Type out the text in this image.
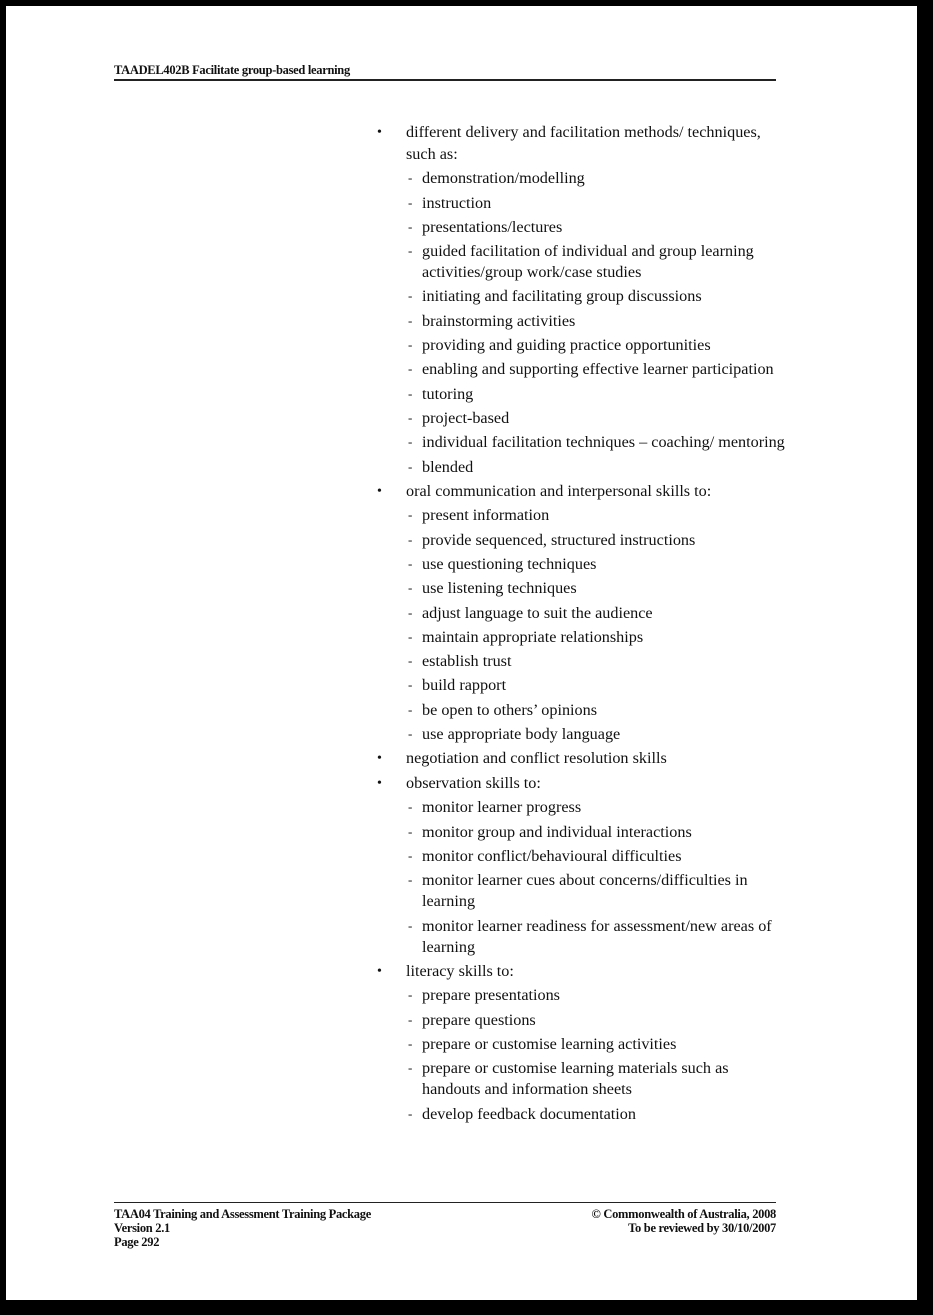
TAADEL402B Facilitate group-based learning
• different delivery and facilitation methods/ techniques, such as:
- demonstration/modelling
- instruction
- presentations/lectures
- guided facilitation of individual and group learning activities/group work/case studies
- initiating and facilitating group discussions
- brainstorming activities
- providing and guiding practice opportunities
- enabling and supporting effective learner participation
- tutoring
- project-based
- individual facilitation techniques – coaching/ mentoring
- blended
• oral communication and interpersonal skills to:
- present information
- provide sequenced, structured instructions
- use questioning techniques
- use listening techniques
- adjust language to suit the audience
- maintain appropriate relationships
- establish trust
- build rapport
- be open to others’ opinions
- use appropriate body language
• negotiation and conflict resolution skills
• observation skills to:
- monitor learner progress
- monitor group and individual interactions
- monitor conflict/behavioural difficulties
- monitor learner cues about concerns/difficulties in learning
- monitor learner readiness for assessment/new areas of learning
• literacy skills to:
- prepare presentations
- prepare questions
- prepare or customise learning activities
- prepare or customise learning materials such as handouts and information sheets
- develop feedback documentation
TAA04 Training and Assessment Training Package
Version 2.1
Page 292
© Commonwealth of Australia, 2008
To be reviewed by 30/10/2007
